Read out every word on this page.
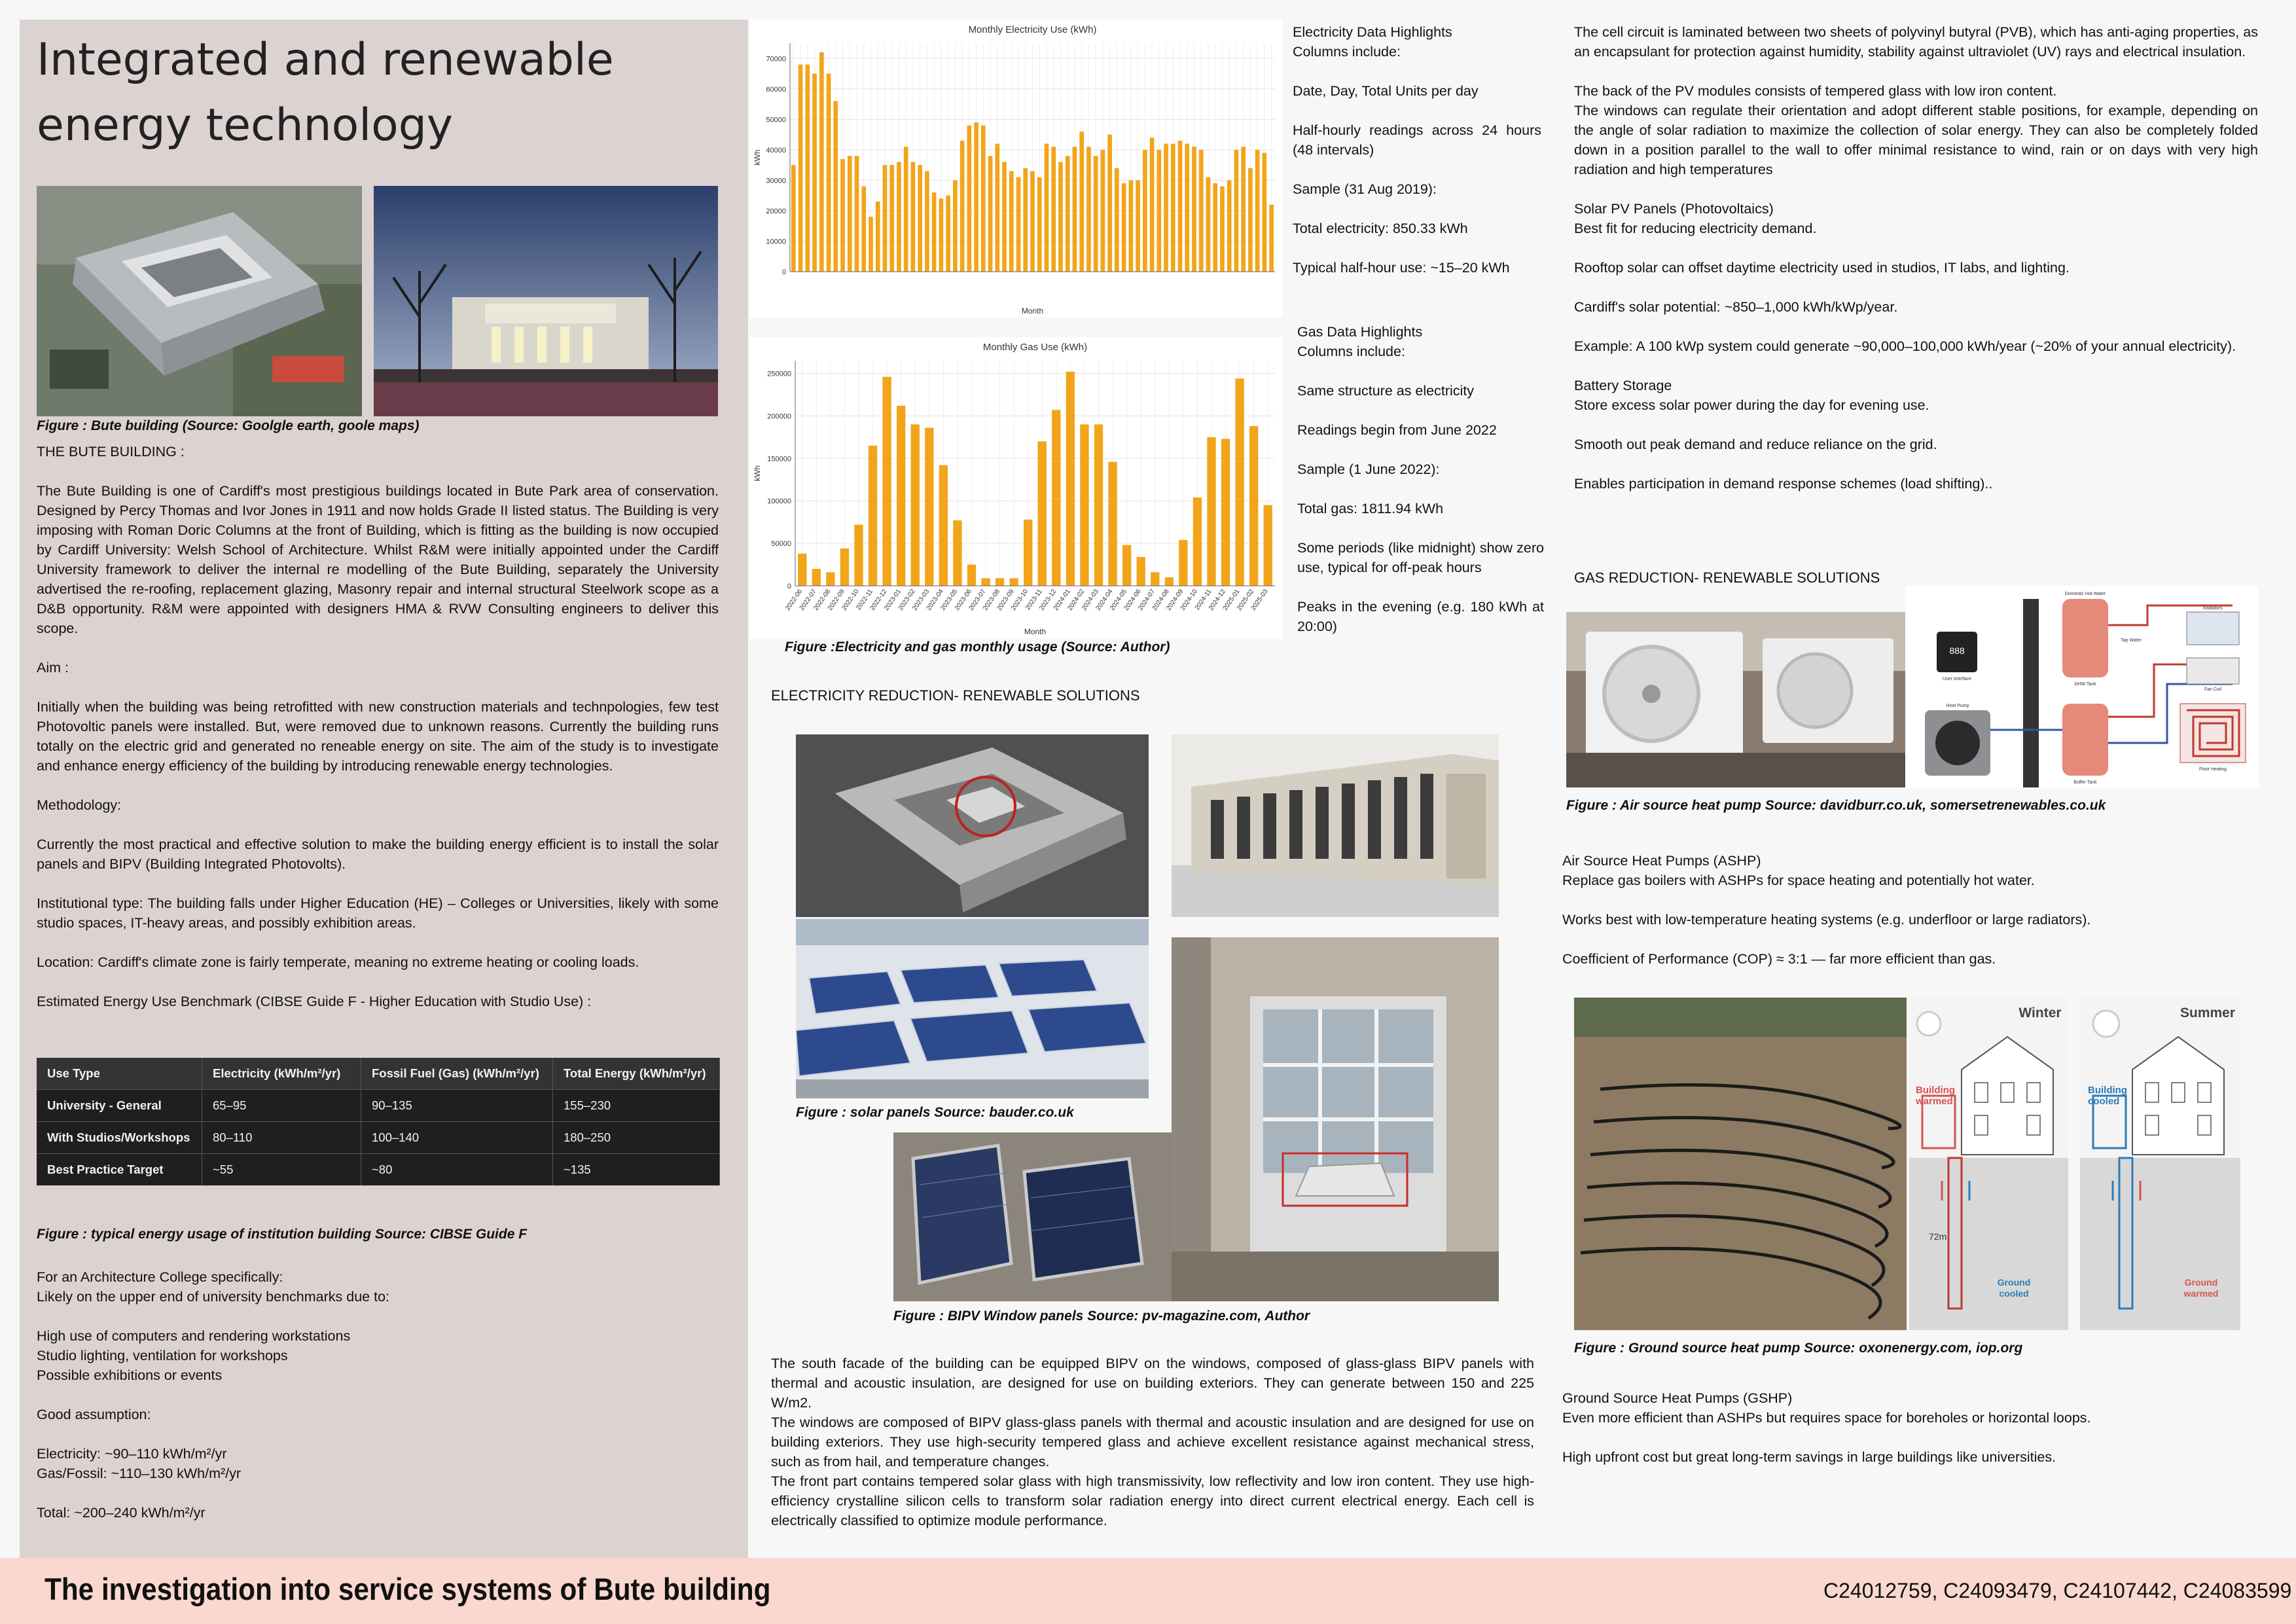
Integrated and renewable energy technology
Figure : Bute building (Source: Goolgle earth, goole maps)

THE BUTE BUILDING :

The Bute Building is one of Cardiff's most prestigious buildings located in Bute Park area of conservation. Designed by Percy Thomas and Ivor Jones in 1911 and now holds Grade II listed status. The Building is very imposing with Roman Doric Columns at the front of Building, which is fitting as the building is now occupied by Cardiff University: Welsh School of Architecture. Whilst R&M were initially appointed under the Cardiff University framework to deliver the internal re modelling of the Bute Building, separately the University advertised the re-roofing, replacement glazing, Masonry repair and internal structural Steelwork scope as a D&B opportunity. R&M were appointed with designers HMA & RVW Consulting engineers to deliver this scope.

Aim :

Initially when the building was being retrofitted with new construction materials and technpologies, few test Photovoltic panels were installed. But, were removed due to unknown reasons. Currently the building runs totally on the electric grid and generated no reneable energy on site. The aim of the study is to investigate and enhance energy efficiency of the building by introducing renewable energy technologies.

Methodology:

Currently the most practical and effective solution to make the building energy efficient is to install the solar panels and BIPV (Building Integrated Photovolts).

Institutional type: The building falls under Higher Education (HE) – Colleges or Universities, likely with some studio spaces, IT-heavy areas, and possibly exhibition areas.

Location: Cardiff's climate zone is fairly temperate, meaning no extreme heating or cooling loads.

Estimated Energy Use Benchmark (CIBSE Guide F - Higher Education with Studio Use) :

Use Type	Electricity (kWh/m²/yr)	Fossil Fuel (Gas) (kWh/m²/yr)	Total Energy (kWh/m²/yr)
University - General	65–95	90–135	155–230
With Studios/Workshops	80–110	100–140	180–250
Best Practice Target	~55	~80	~135
Figure : typical energy usage of institution building Source: CIBSE Guide F

For an Architecture College specifically:
Likely on the upper end of university benchmarks due to:

High use of computers and rendering workstations
Studio lighting, ventilation for workshops
Possible exhibitions or events

Good assumption:

Electricity: ~90–110 kWh/m²/yr
Gas/Fossil: ~110–130 kWh/m²/yr

Total: ~200–240 kWh/m²/yr

Monthly Electricity Use (kWh)
0
10000
20000
30000
40000
50000
60000
70000
Month
kWh
Monthly Gas Use (kWh)
0
50000
100000
150000
200000
250000
2022-06
2022-07
2022-08
2022-09
2022-10
2022-11
2022-12
2023-01
2023-02
2023-03
2023-04
2023-05
2023-06
2023-07
2023-08
2023-09
2023-10
2023-11
2023-12
2024-01
2024-02
2024-03
2024-04
2024-05
2024-06
2024-07
2024-08
2024-09
2024-10
2024-11
2024-12
2025-01
2025-02
2025-03
Month
kWh
Figure :Electricity and gas monthly usage (Source: Author)

Electricity Data Highlights
Columns include:

Date, Day, Total Units per day

Half-hourly readings across 24 hours (48 intervals)

Sample (31 Aug 2019):

Total electricity: 850.33 kWh

Typical half-hour use: ~15–20 kWh

Gas Data Highlights
Columns include:

Same structure as electricity

Readings begin from June 2022

Sample (1 June 2022):

Total gas: 1811.94 kWh

Some periods (like midnight) show zero use, typical for off-peak hours

Peaks in the evening (e.g. 180 kWh at 20:00)

ELECTRICITY REDUCTION- RENEWABLE SOLUTIONS
Figure : solar panels Source: bauder.co.uk
Figure : BIPV Window panels Source: pv-magazine.com, Author
The south facade of the building can be equipped BIPV on the windows, composed of glass-glass BIPV panels with thermal and acoustic insulation, are designed for use on building exteriors. They can generate between 150 and 225 W/m2.
The windows are composed of BIPV glass-glass panels with thermal and acoustic insulation and are designed for use on building exteriors. They use high-security tempered glass and achieve excellent resistance against mechanical stress, such as from hail, and temperature changes.
The front part contains tempered solar glass with high transmissivity, low reflectivity and low iron content. They use high-efficiency crystalline silicon cells to transform solar radiation energy into direct current electrical energy. Each cell is electrically classified to optimize module performance.

The cell circuit is laminated between two sheets of polyvinyl butyral (PVB), which has anti-aging properties, as an encapsulant for protection against humidity, stability against ultraviolet (UV) rays and electrical insulation.

The back of the PV modules consists of tempered glass with low iron content.
The windows can regulate their orientation and adopt different stable positions, for example, depending on the angle of solar radiation to maximize the collection of solar energy. They can also be completely folded down in a position parallel to the wall to offer minimal resistance to wind, rain or on days with very high radiation and high temperatures

Solar PV Panels (Photovoltaics)
Best fit for reducing electricity demand.

Rooftop solar can offset daytime electricity used in studios, IT labs, and lighting.

Cardiff's solar potential: ~850–1,000 kWh/kWp/year.

Example: A 100 kWp system could generate ~90,000–100,000 kWh/year (~20% of your annual electricity).

Battery Storage
Store excess solar power during the day for evening use.

Smooth out peak demand and reduce reliance on the grid.

Enables participation in demand response schemes (load shifting)..

GAS REDUCTION- RENEWABLE SOLUTIONS
888
Domestic Hot Water
Radiators
Fan Coil
Floor Heating
Buffer Tank
DHW Tank
Heat Pump
Tap Water
User Interface
Figure : Air source heat pump Source: davidburr.co.uk, somersetrenewables.co.uk

Air Source Heat Pumps (ASHP)
Replace gas boilers with ASHPs for space heating and potentially hot water.

Works best with low-temperature heating systems (e.g. underfloor or large radiators).

Coefficient of Performance (COP) ≈ 3:1 — far more efficient than gas.

Winter
Building warmed
72m
Ground cooled
Summer
Building cooled
Ground warmed
Figure : Ground source heat pump Source: oxonenergy.com, iop.org

Ground Source Heat Pumps (GSHP)
Even more efficient than ASHPs but requires space for boreholes or horizontal loops.

High upfront cost but great long-term savings in large buildings like universities.

The investigation into service systems of Bute building	C24012759, C24093479, C24107442, C24083599
